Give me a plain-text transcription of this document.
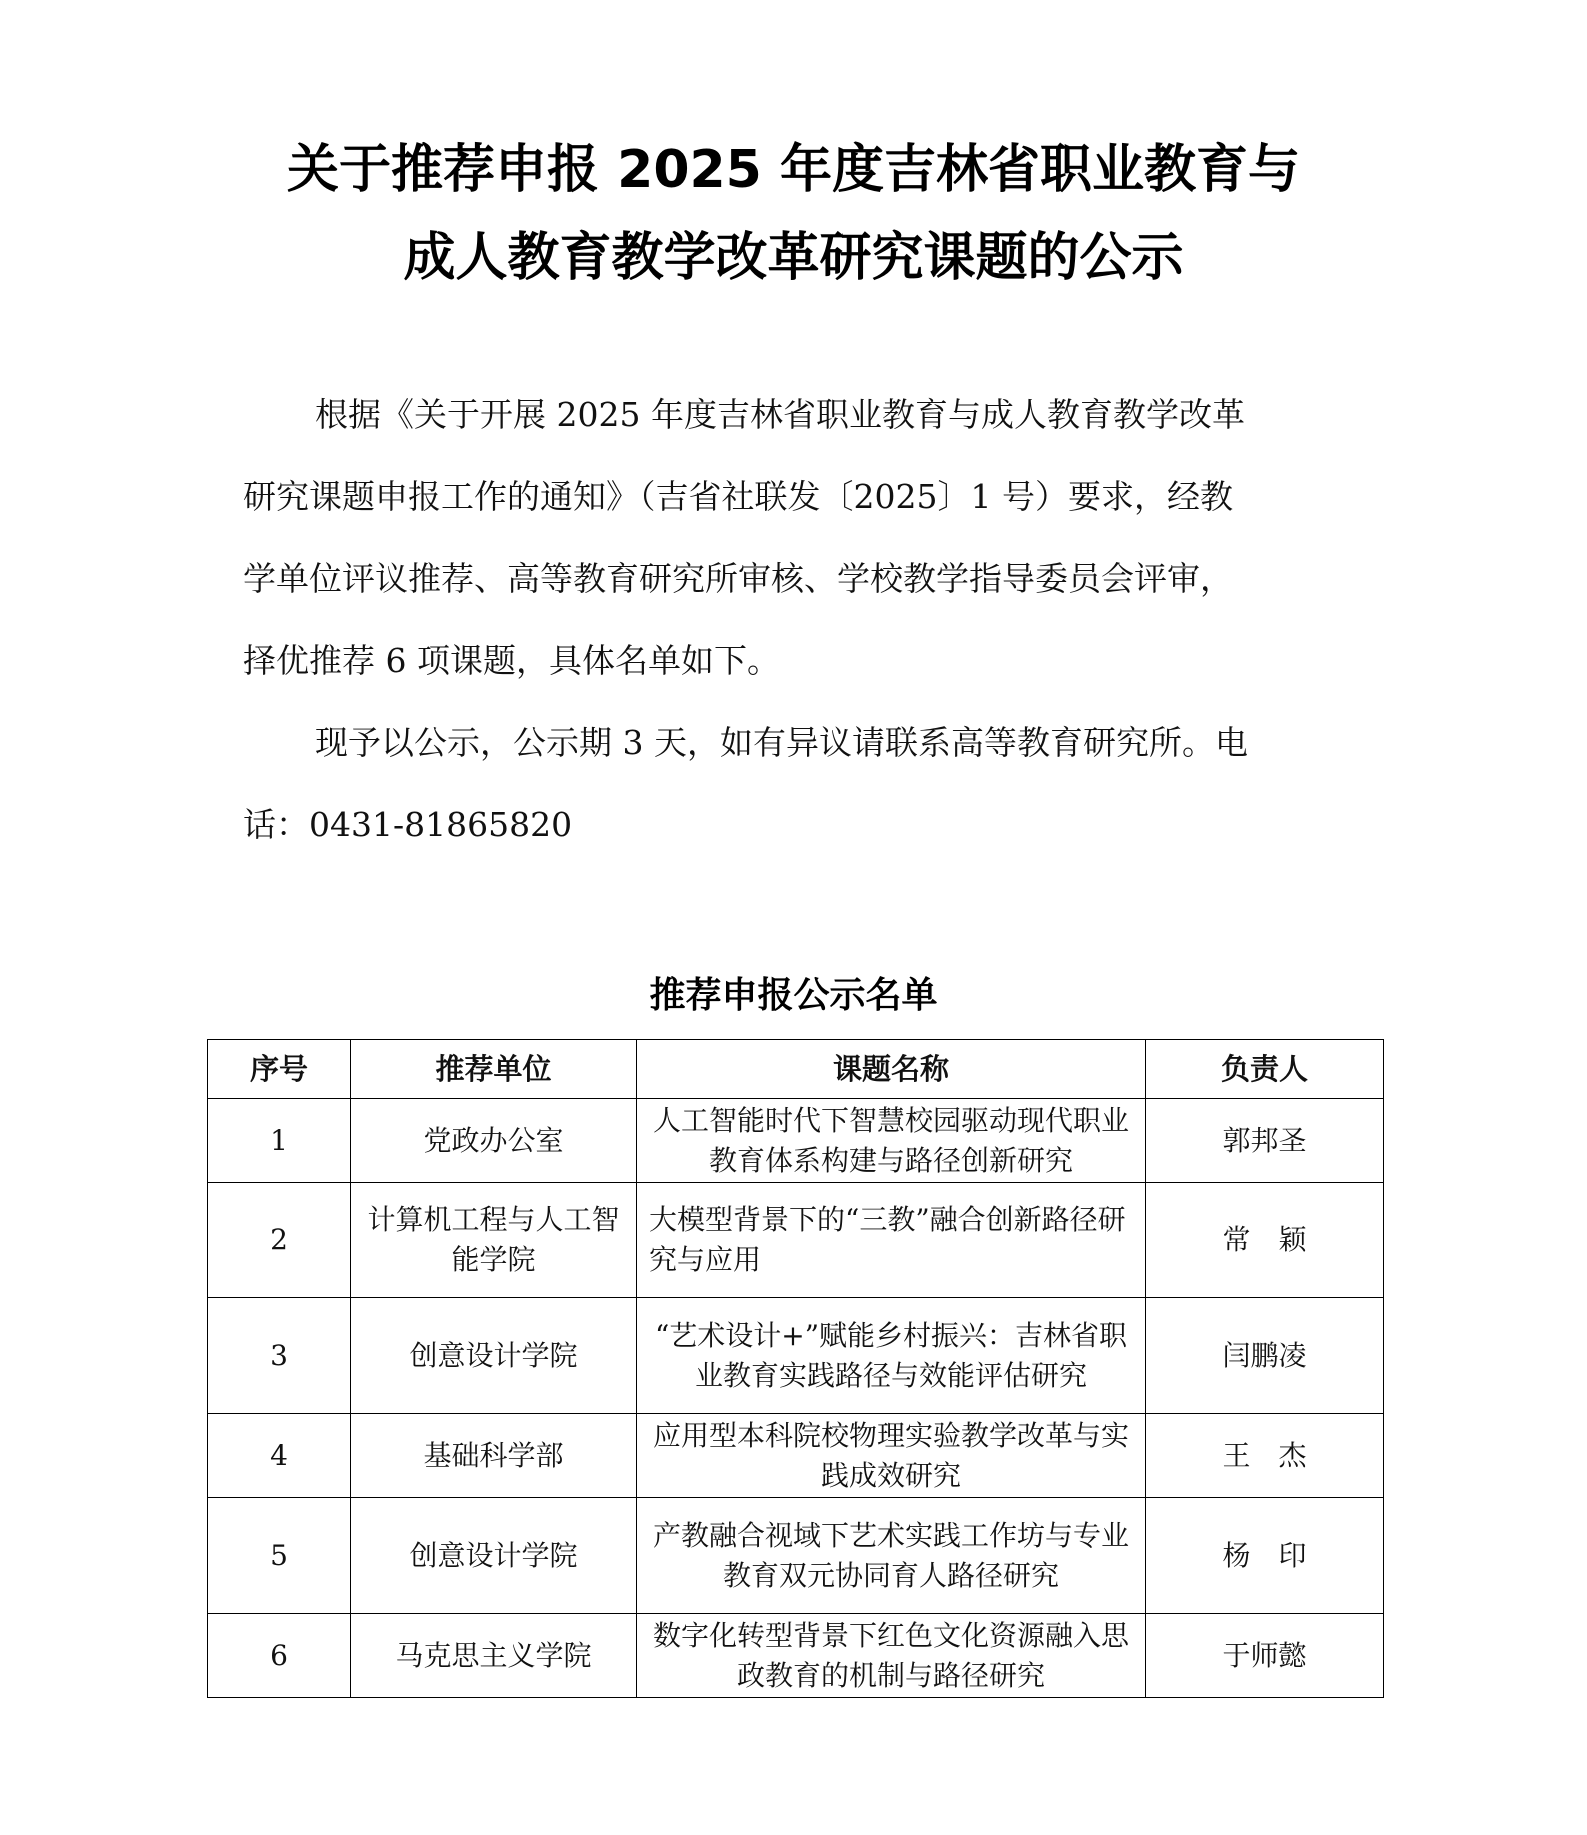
关于推荐申报 2025 年度吉林省职业教育与
成人教育教学改革研究课题的公示

根据《关于开展 2025 年度吉林省职业教育与成人教育教学改革
研究课题申报工作的通知》（吉省社联发〔2025〕1 号）要求，经教
学单位评议推荐、高等教育研究所审核、学校教学指导委员会评审，
择优推荐 6 项课题，具体名单如下。

现予以公示，公示期 3 天，如有异议请联系高等教育研究所。电
话：0431-81865820

推荐申报公示名单
序号	推荐单位	课题名称	负责人
1	党政办公室	人工智能时代下智慧校园驱动现代职业教育体系构建与路径创新研究	郭邦圣
2	计算机工程与人工智能学院	大模型背景下的“三教”融合创新路径研究与应用	常　颖
3	创意设计学院	“艺术设计+”赋能乡村振兴：吉林省职业教育实践路径与效能评估研究	闫鹏凌
4	基础科学部	应用型本科院校物理实验教学改革与实践成效研究	王　杰
5	创意设计学院	产教融合视域下艺术实践工作坊与专业教育双元协同育人路径研究	杨　印
6	马克思主义学院	数字化转型背景下红色文化资源融入思政教育的机制与路径研究	于师懿
